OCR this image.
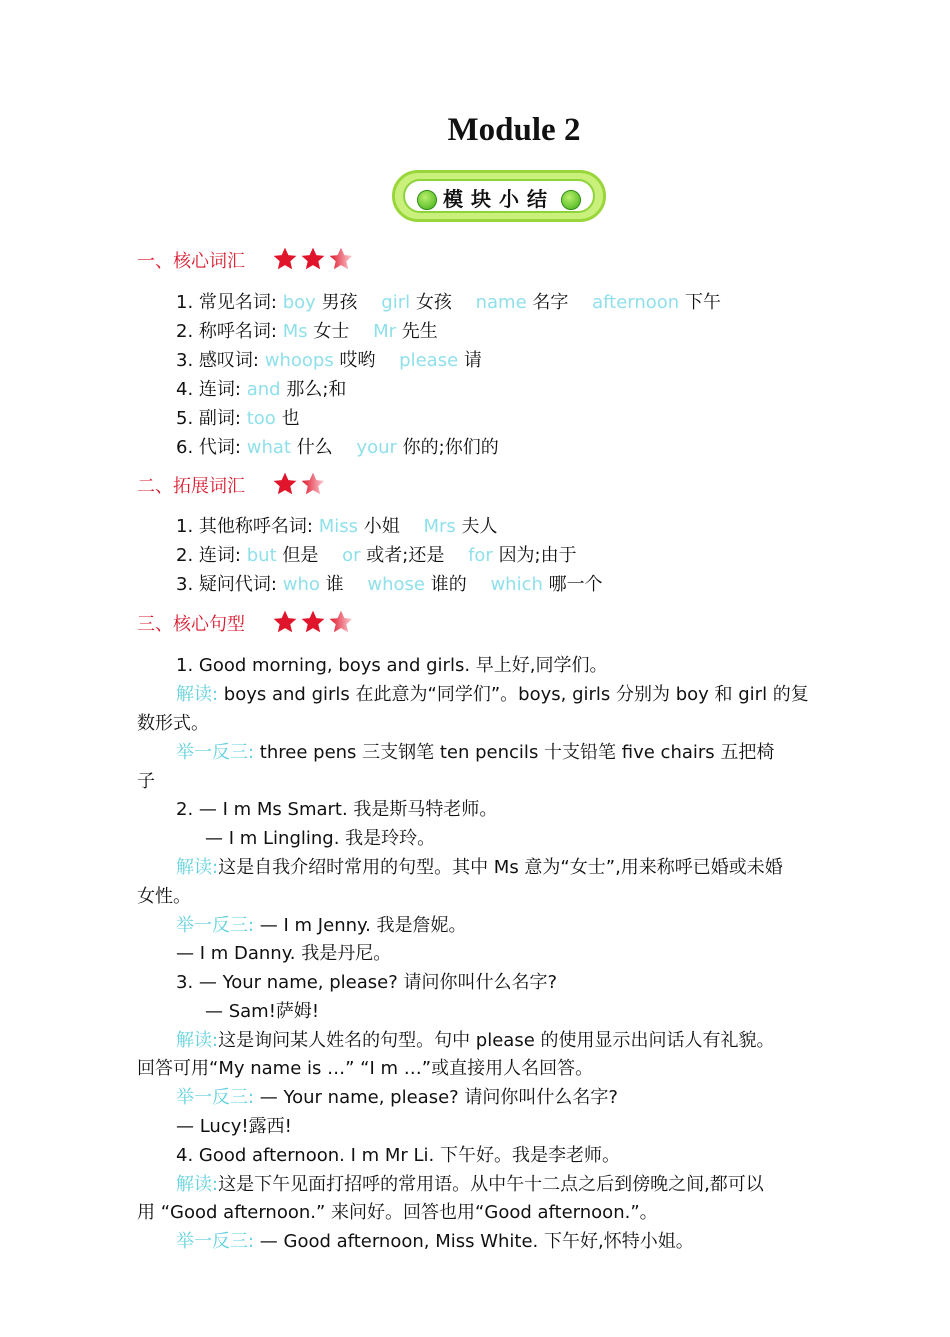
Module 2
模块小结
一、核心词汇
1. 常见名词: boy 男孩 girl 女孩 name 名字 afternoon 下午
2. 称呼名词: Ms 女士 Mr 先生
3. 感叹词: whoops 哎哟 please 请
4. 连词: and 那么;和
5. 副词: too 也
6. 代词: what 什么 your 你的;你们的
二、拓展词汇
1. 其他称呼名词: Miss 小姐 Mrs 夫人
2. 连词: but 但是 or 或者;还是 for 因为;由于
3. 疑问代词: who 谁 whose 谁的 which 哪一个
三、核心句型
1. Good morning, boys and girls. 早上好,同学们。
解读: boys and girls 在此意为“同学们”。boys, girls 分别为 boy 和 girl 的复
数形式。
举一反三: three pens 三支钢笔 ten pencils 十支铅笔 five chairs 五把椅
子
2. — I m Ms Smart. 我是斯马特老师。
— I m Lingling. 我是玲玲。
解读:这是自我介绍时常用的句型。其中 Ms 意为“女士”,用来称呼已婚或未婚
女性。
举一反三: — I m Jenny. 我是詹妮。
— I m Danny. 我是丹尼。
3. — Your name, please? 请问你叫什么名字?
— Sam!萨姆!
解读:这是询问某人姓名的句型。句中 please 的使用显示出问话人有礼貌。
回答可用“My name is …” “I m …”或直接用人名回答。
举一反三: — Your name, please? 请问你叫什么名字?
— Lucy!露西!
4. Good afternoon. I m Mr Li. 下午好。我是李老师。
解读:这是下午见面打招呼的常用语。从中午十二点之后到傍晚之间,都可以
用 “Good afternoon.” 来问好。回答也用“Good afternoon.”。
举一反三: — Good afternoon, Miss White. 下午好,怀特小姐。
